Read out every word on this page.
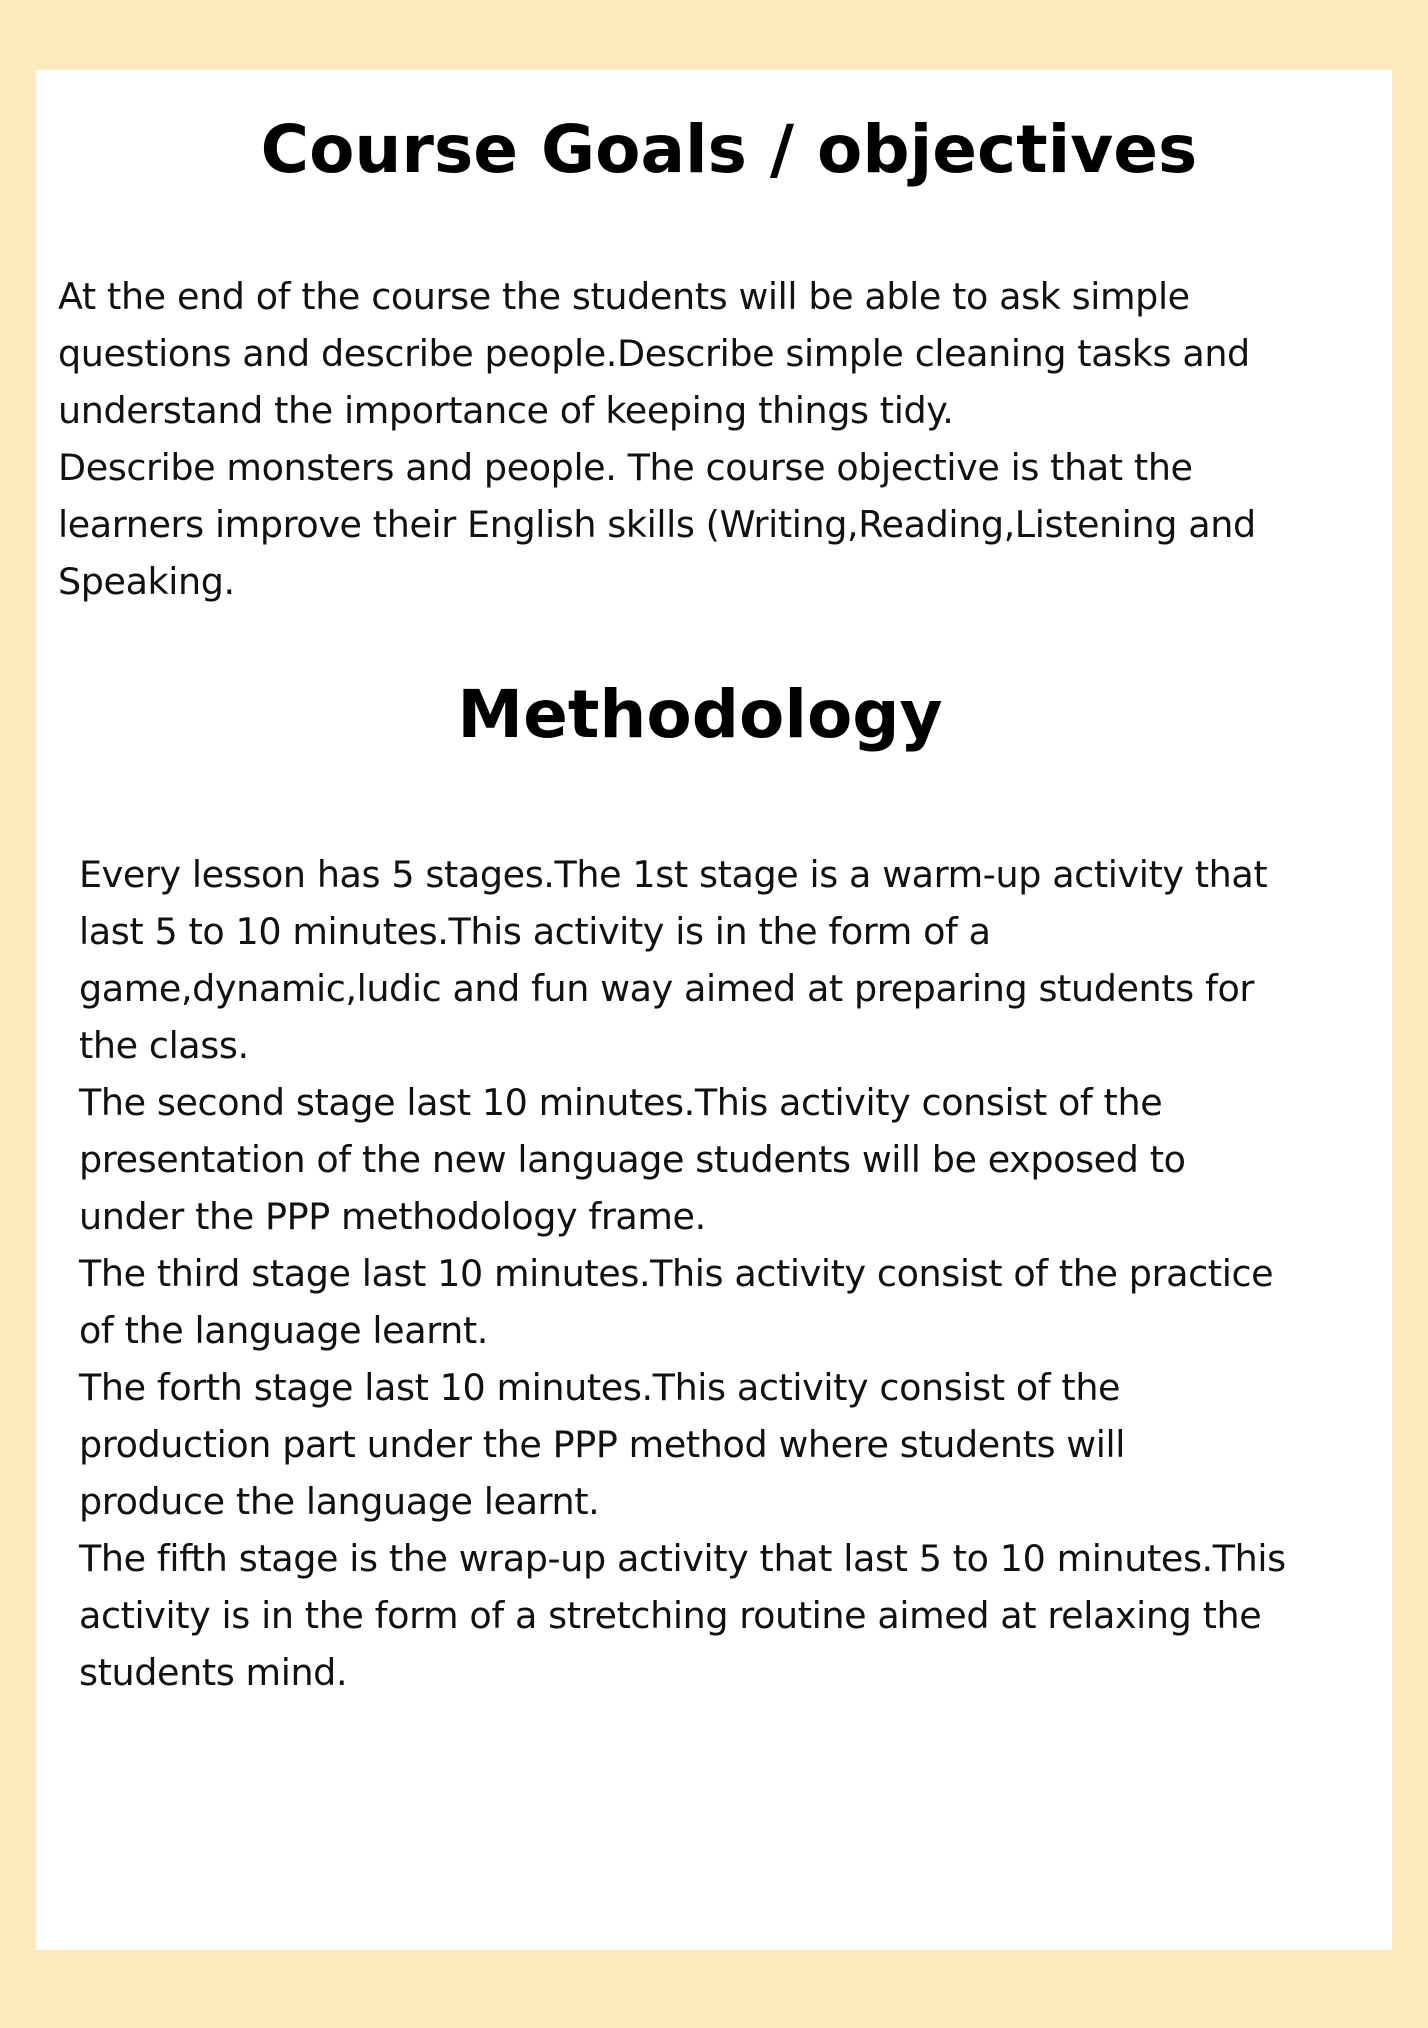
Course Goals / objectives
At the end of the course the students will be able to ask simple
questions and describe people.Describe simple cleaning tasks and
understand the importance of keeping things tidy.
Describe monsters and people. The course objective is that the
learners improve their English skills (Writing,Reading,Listening and
Speaking.
Methodology
Every lesson has 5 stages.The 1st stage is a warm-up activity that
last 5 to 10 minutes.This activity is in the form of a
game,dynamic,ludic and fun way aimed at preparing students for
the class.
The second stage last 10 minutes.This activity consist of the
presentation of the new language students will be exposed to
under the PPP methodology frame.
The third stage last 10 minutes.This activity consist of the practice
of the language learnt.
The forth stage last 10 minutes.This activity consist of the
production part under the PPP method where students will
produce the language learnt.
The fifth stage is the wrap-up activity that last 5 to 10 minutes.This
activity is in the form of a stretching routine aimed at relaxing the
students mind.
